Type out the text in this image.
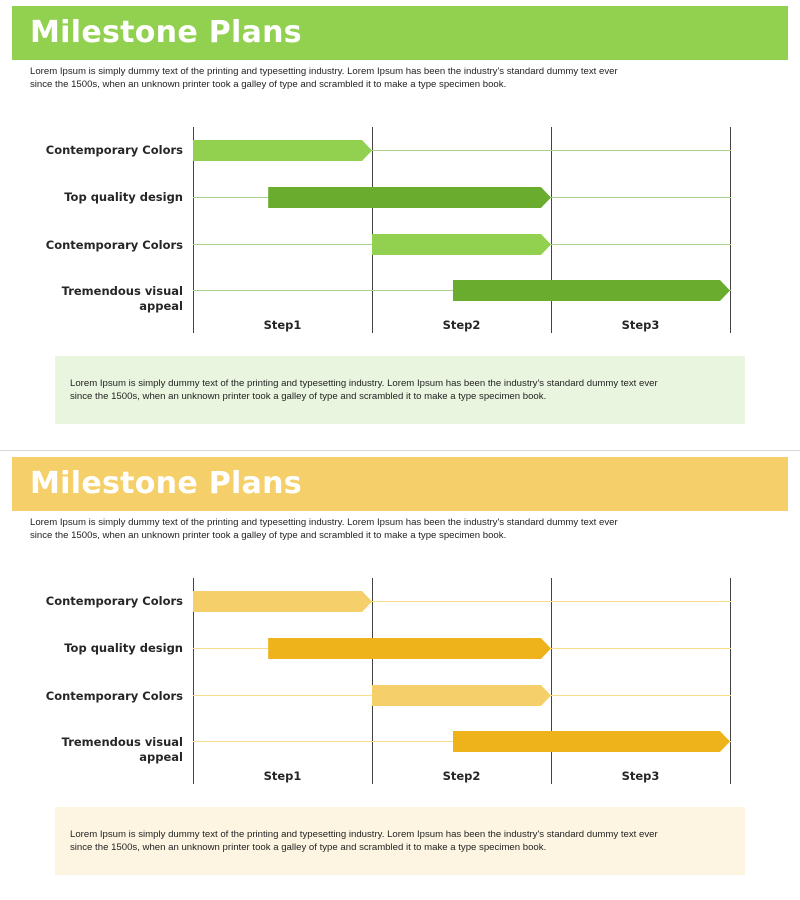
Milestone Plans
Lorem Ipsum is simply dummy text of the printing and typesetting industry. Lorem Ipsum has been the industry's standard dummy text ever since the 1500s, when an unknown printer took a galley of type and scrambled it to make a type specimen book.
Contemporary Colors
Top quality design
Contemporary Colors
Tremendous visual appeal
Step1	Step2	Step3
Lorem Ipsum is simply dummy text of the printing and typesetting industry. Lorem Ipsum has been the industry's standard dummy text ever since the 1500s, when an unknown printer took a galley of type and scrambled it to make a type specimen book.
Milestone Plans
Lorem Ipsum is simply dummy text of the printing and typesetting industry. Lorem Ipsum has been the industry's standard dummy text ever since the 1500s, when an unknown printer took a galley of type and scrambled it to make a type specimen book.
Contemporary Colors
Top quality design
Contemporary Colors
Tremendous visual appeal
Step1	Step2	Step3
Lorem Ipsum is simply dummy text of the printing and typesetting industry. Lorem Ipsum has been the industry's standard dummy text ever since the 1500s, when an unknown printer took a galley of type and scrambled it to make a type specimen book.
